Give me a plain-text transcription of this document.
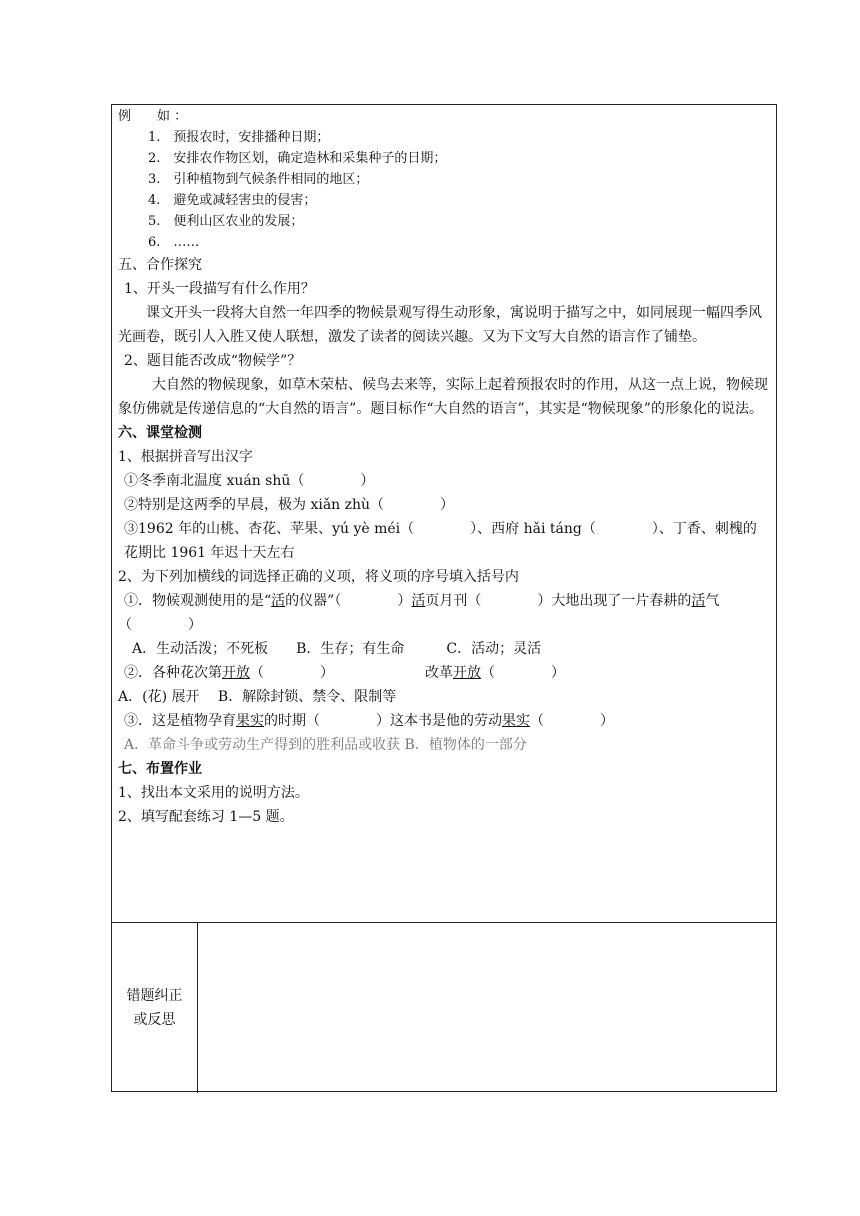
例　　如 ：
1.　预报农时，安排播种日期；
2.　安排农作物区划，确定造林和采集种子的日期；
3.　引种植物到气候条件相同的地区；
4.　避免或减轻害虫的侵害；
5.　便利山区农业的发展；
6.　……
五、合作探究
1、开头一段描写有什么作用？
课文开头一段将大自然一年四季的物候景观写得生动形象，寓说明于描写之中，如同展现一幅四季风光画卷，既引人入胜又使人联想，激发了读者的阅读兴趣。又为下文写大自然的语言作了铺垫。
2、题目能否改成“物候学”？
大自然的物候现象，如草木荣枯、候鸟去来等，实际上起着预报农时的作用，从这一点上说，物候现象仿佛就是传递信息的“大自然的语言”。题目标作“大自然的语言”，其实是“物候现象”的形象化的说法。
六、课堂检测
1、根据拼音写出汉字
①冬季南北温度 xuán shū（　　　　）
②特别是这两季的早晨，极为 xiǎn zhù（　　　　）
③1962 年的山桃、杏花、苹果、yú yè méi（　　　　）、西府 hǎi táng（　　　　）、丁香、刺槐的花期比 1961 年迟十天左右
2、为下列加横线的词选择正确的义项，将义项的序号填入括号内
①．物候观测使用的是“活的仪器”（　　　　）活页月刊（　　　　）大地出现了一片春耕的活气
（　　　　）
A．生动活泼；不死板　　B．生存；有生命　　　C．活动；灵活
②．各种花次第开放（　　　　）　　　　　　　改革开放（　　　　）
A．(花) 展开　 B．解除封锁、禁令、限制等
③．这是植物孕育果实的时期（　　　　）这本书是他的劳动果实（　　　　）
A．革命斗争或劳动生产得到的胜利品或收获 B．植物体的一部分
七、布置作业
1、找出本文采用的说明方法。
2、填写配套练习 1—5 题。
错题纠正
或反思
